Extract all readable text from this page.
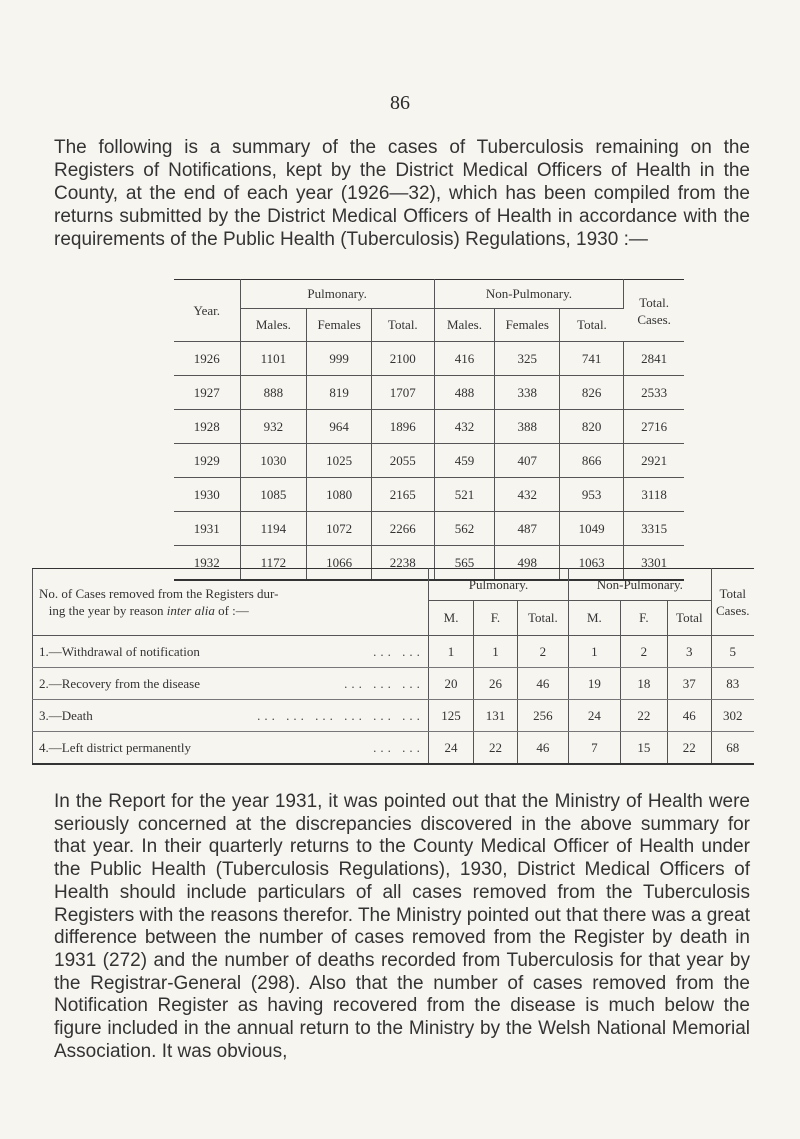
86
The following is a summary of the cases of Tuberculosis remaining on the Registers of Notifications, kept by the District Medical Officers of Health in the County, at the end of each year (1926—32), which has been compiled from the returns submitted by the District Medical Officers of Health in accordance with the requirements of the Public Health (Tuberculosis) Regulations, 1930 :—
Year.	Pulmonary.			Non-Pulmonary.			Total. Cases.
	Males.	Females	Total.	Males.	Females	Total.	
1926	1101	999	2100	416	325	741	2841
1927	888	819	1707	488	338	826	2533
1928	932	964	1896	432	388	820	2716
1929	1030	1025	2055	459	407	866	2921
1930	1085	1080	2165	521	432	953	3118
1931	1194	1072	2266	562	487	1049	3315
1932	1172	1066	2238	565	498	1063	3301
No. of Cases removed from the Registers dur-
ing the year by reason inter alia of :—	Pulmonary.			Non-Pulmonary.			Total Cases.
	M.	F.	Total.	M.	F.	Total	
1.—Withdrawal of notification ... ...	1	1	2	1	2	3	5
2.—Recovery from the disease ... ... ...	20	26	46	19	18	37	83
3.—Death ... ... ... ... ... ...	125	131	256	24	22	46	302
4.—Left district permanently ... ...	24	22	46	7	15	22	68
In the Report for the year 1931, it was pointed out that the Ministry of Health were seriously concerned at the discrepancies discovered in the above summary for that year. In their quarterly returns to the County Medical Officer of Health under the Public Health (Tuberculosis Regulations), 1930, District Medical Officers of Health should include particulars of all cases removed from the Tuberculosis Registers with the reasons therefor. The Ministry pointed out that there was a great difference between the number of cases removed from the Register by death in 1931 (272) and the number of deaths recorded from Tuberculosis for that year by the Registrar-General (298). Also that the number of cases removed from the Notification Register as having recovered from the disease is much below the figure included in the annual return to the Ministry by the Welsh National Memorial Association. It was obvious,
